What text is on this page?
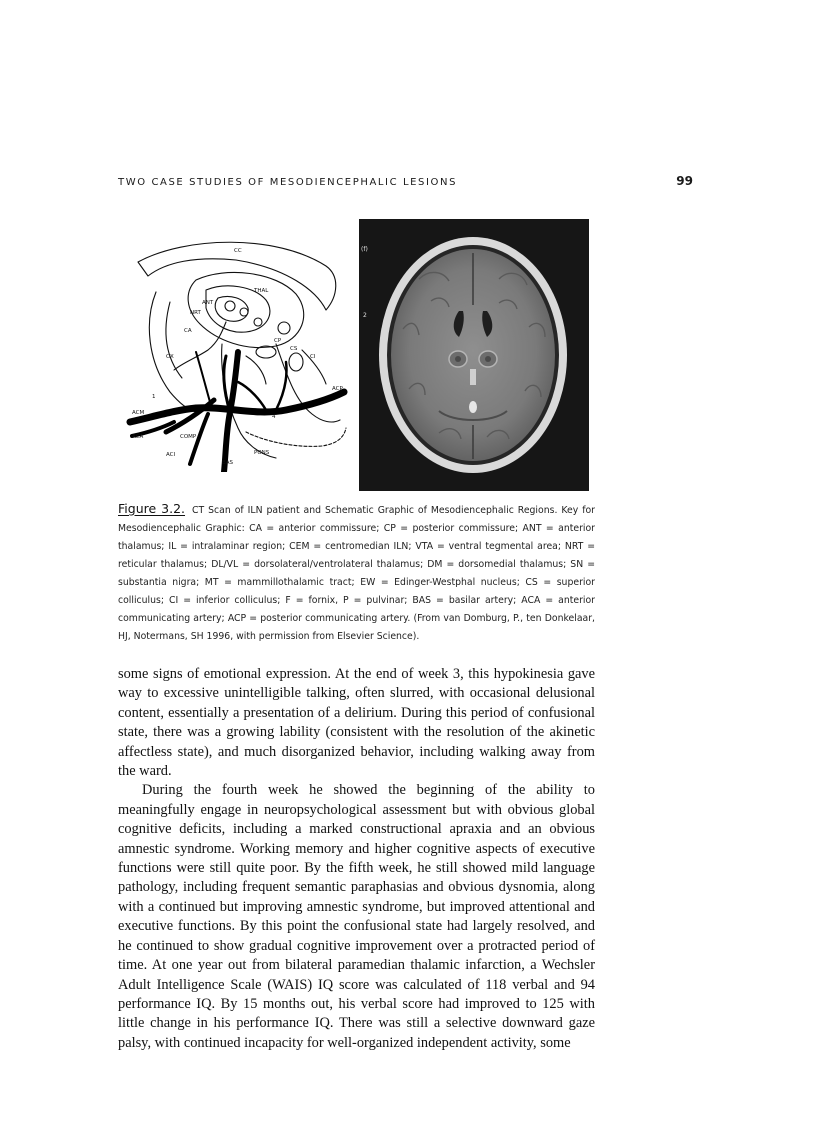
TWO CASE STUDIES OF MESODIENCEPHALIC LESIONS	99
CC
THAL
ANT
NRT
CP
CI
CS
CA
OX
PONS
BAS
ACP
ACM
ACA	COMP
ACI
1
4
(f)
2
Figure 3.2. CT Scan of ILN patient and Schematic Graphic of Mesodiencephalic Regions. Key for Mesodiencephalic Graphic: CA = anterior commissure; CP = posterior commissure; ANT = anterior thalamus; IL = intralaminar region; CEM = centromedian ILN; VTA = ventral tegmental area; NRT = reticular thalamus; DL/VL = dorsolateral/ventrolateral thalamus; DM = dorsomedial thalamus; SN = substantia nigra; MT = mammillothalamic tract; EW = Edinger-Westphal nucleus; CS = superior colliculus; CI = inferior colliculus; F = fornix, P = pulvinar; BAS = basilar artery; ACA = anterior communicating artery; ACP = posterior communicating artery. (From van Domburg, P., ten Donkelaar, HJ, Notermans, SH 1996, with permission from Elsevier Science).

some signs of emotional expression. At the end of week 3, this hypokinesia gave way to excessive unintelligible talking, often slurred, with occasional delusional content, essentially a presentation of a delirium. During this period of confusional state, there was a growing lability (consistent with the resolution of the akinetic affectless state), and much disorganized behavior, including walking away from the ward.

During the fourth week he showed the beginning of the ability to meaningfully engage in neuropsychological assessment but with obvious global cognitive deficits, including a marked constructional apraxia and an obvious amnestic syndrome. Working memory and higher cognitive aspects of executive functions were still quite poor. By the fifth week, he still showed mild language pathology, including frequent semantic paraphasias and obvious dysnomia, along with a continued but improving amnestic syndrome, but improved attentional and executive functions. By this point the confusional state had largely resolved, and he continued to show gradual cognitive improvement over a protracted period of time. At one year out from bilateral paramedian thalamic infarction, a Wechsler Adult Intelligence Scale (WAIS) IQ score was calculated of 118 verbal and 94 performance IQ. By 15 months out, his verbal score had improved to 125 with little change in his performance IQ. There was still a selective downward gaze palsy, with continued incapacity for well-organized independent activity, some
